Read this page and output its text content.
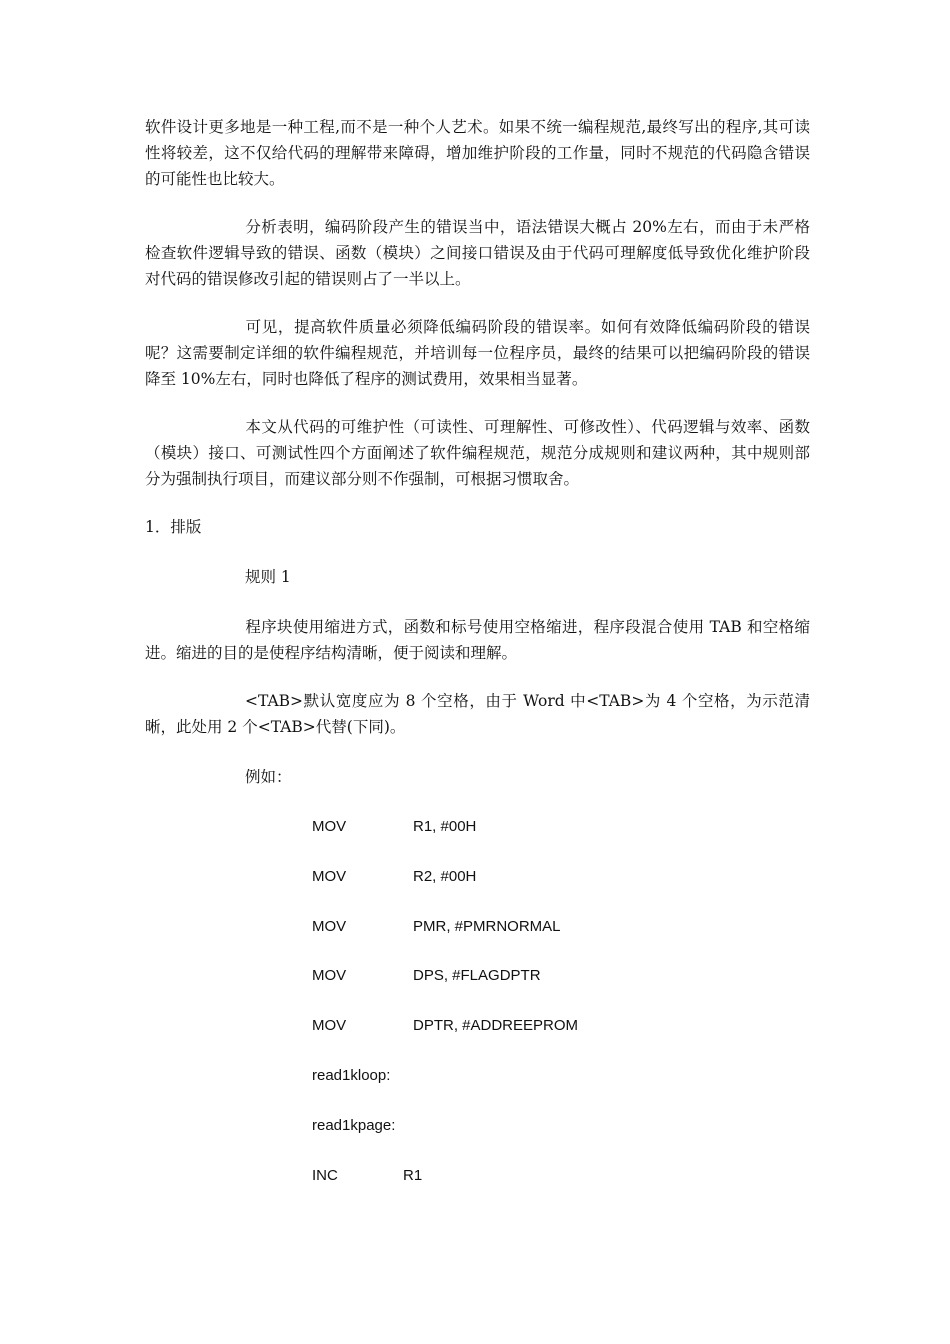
软件设计更多地是一种工程,而不是一种个人艺术。如果不统一编程规范,最终写出的程序,其可读性将较差，这不仅给代码的理解带来障碍，增加维护阶段的工作量，同时不规范的代码隐含错误的可能性也比较大。

分析表明，编码阶段产生的错误当中，语法错误大概占 20%左右，而由于未严格检查软件逻辑导致的错误、函数（模块）之间接口错误及由于代码可理解度低导致优化维护阶段对代码的错误修改引起的错误则占了一半以上。

可见，提高软件质量必须降低编码阶段的错误率。如何有效降低编码阶段的错误呢？这需要制定详细的软件编程规范，并培训每一位程序员，最终的结果可以把编码阶段的错误降至 10%左右，同时也降低了程序的测试费用，效果相当显著。

本文从代码的可维护性（可读性、可理解性、可修改性）、代码逻辑与效率、函数（模块）接口、可测试性四个方面阐述了软件编程规范，规范分成规则和建议两种，其中规则部分为强制执行项目，而建议部分则不作强制，可根据习惯取舍。

1．排版

规则 1

程序块使用缩进方式，函数和标号使用空格缩进，程序段混合使用 TAB 和空格缩进。缩进的目的是使程序结构清晰，便于阅读和理解。

<TAB>默认宽度应为 8 个空格，由于 Word 中<TAB>为 4 个空格，为示范清晰，此处用 2 个<TAB>代替(下同)。

例如：

MOV	R1, #00H
MOV	R2, #00H
MOV	PMR, #PMRNORMAL
MOV	DPS, #FLAGDPTR
MOV	DPTR, #ADDREEPROM
read1kloop:
read1kpage:
INC	R1
